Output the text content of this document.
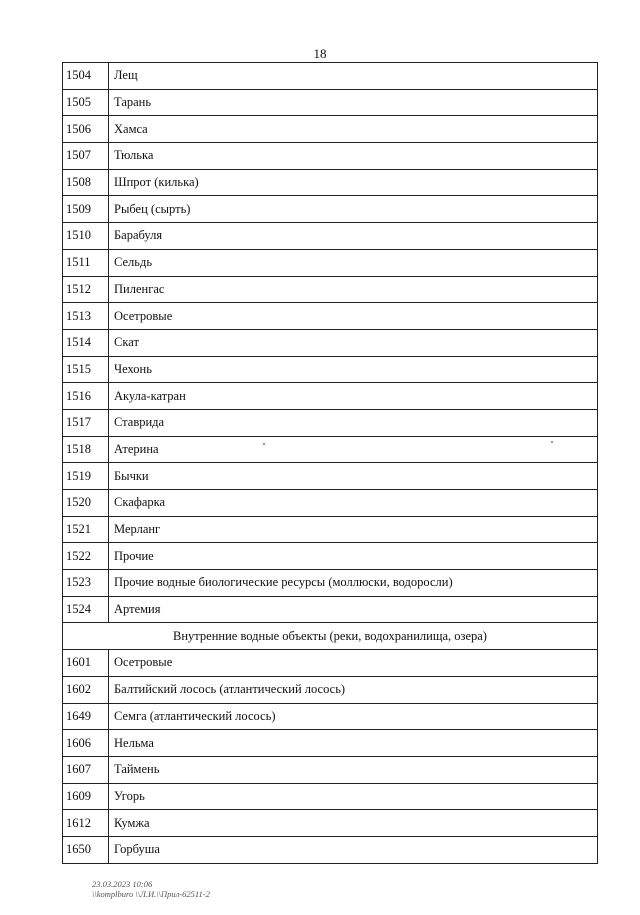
18
1504	Лещ
1505	Тарань
1506	Хамса
1507	Тюлька
1508	Шпрот (килька)
1509	Рыбец (сырть)
1510	Барабуля
1511	Сельдь
1512	Пиленгас
1513	Осетровые
1514	Скат
1515	Чехонь
1516	Акула-катран
1517	Ставрида
1518	Атерина
1519	Бычки
1520	Скафарка
1521	Мерланг
1522	Прочие
1523	Прочие водные биологические ресурсы (моллюски, водоросли)
1524	Артемия
Внутренние водные объекты (реки, водохранилища, озера)	
1601	Осетровые
1602	Балтийский лосось (атлантический лосось)
1649	Семга (атлантический лосось)
1606	Нельма
1607	Таймень
1609	Угорь
1612	Кумжа
1650	Горбуша
23.03.2023 10:06
\\komplburo \\Л.И.\\Прил-62511-2
